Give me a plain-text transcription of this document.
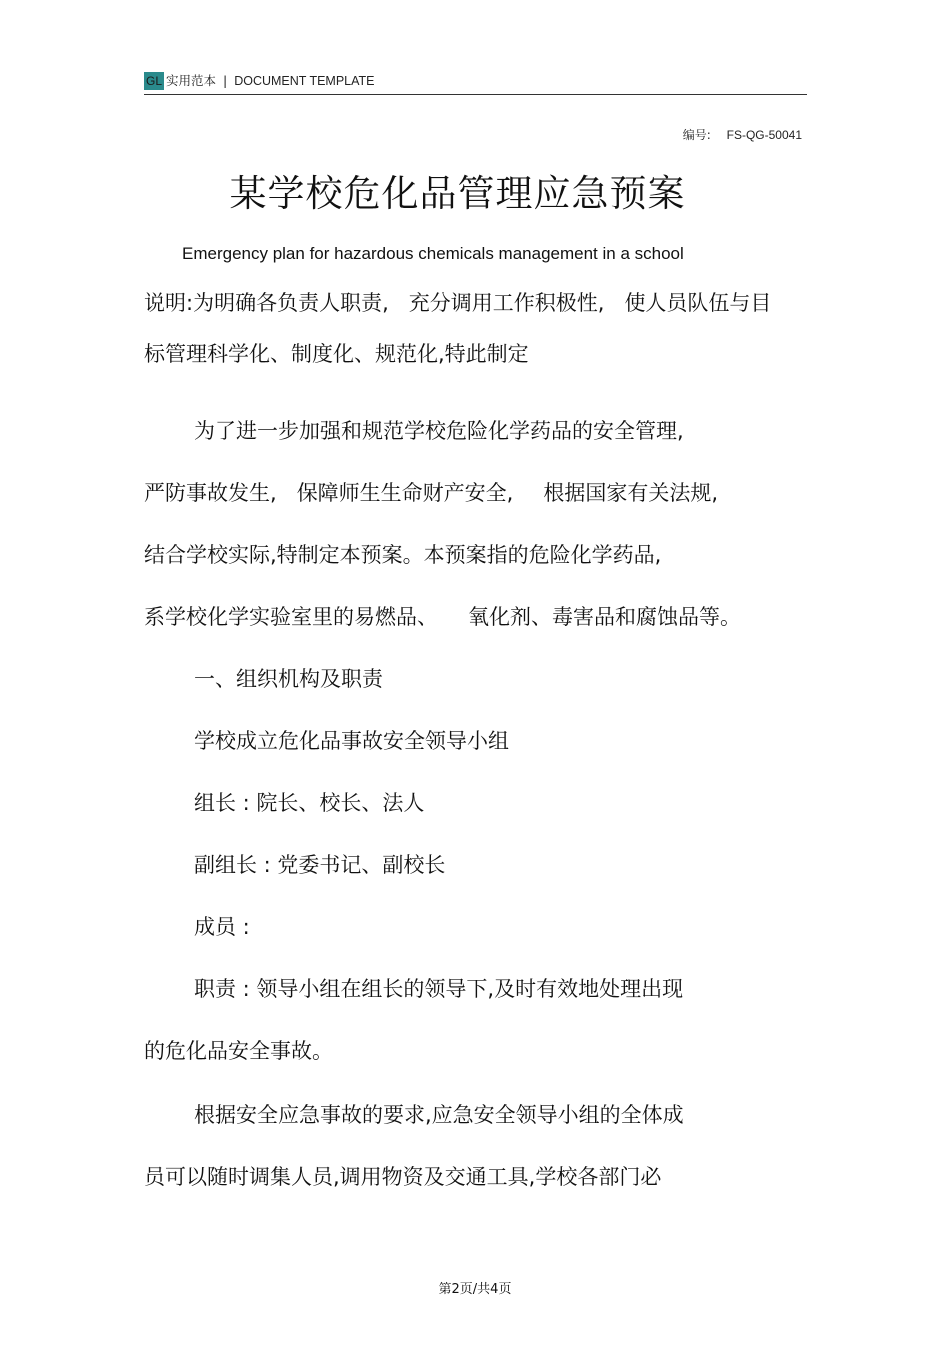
GL 实用范本 | DOCUMENT TEMPLATE
编号: FS-QG-50041
某学校危化品管理应急预案
Emergency plan for hazardous chemicals management in a school
说明:为明确各负责人职责, 充分调用工作积极性, 使人员队伍与目
标管理科学化、制度化、规范化,特此制定
为了进一步加强和规范学校危险化学药品的安全管理,
严防事故发生, 保障师生生命财产安全, 根据国家有关法规,
结合学校实际,特制定本预案。本预案指的危险化学药品,
系学校化学实验室里的易燃品、 氧化剂、毒害品和腐蚀品等。
一、组织机构及职责
学校成立危化品事故安全领导小组
组长 : 院长、校长、法人
副组长 : 党委书记、副校长
成员 :
职责 : 领导小组在组长的领导下,及时有效地处理出现
的危化品安全事故。
根据安全应急事故的要求,应急安全领导小组的全体成
员可以随时调集人员,调用物资及交通工具,学校各部门必
第2页/共4页
